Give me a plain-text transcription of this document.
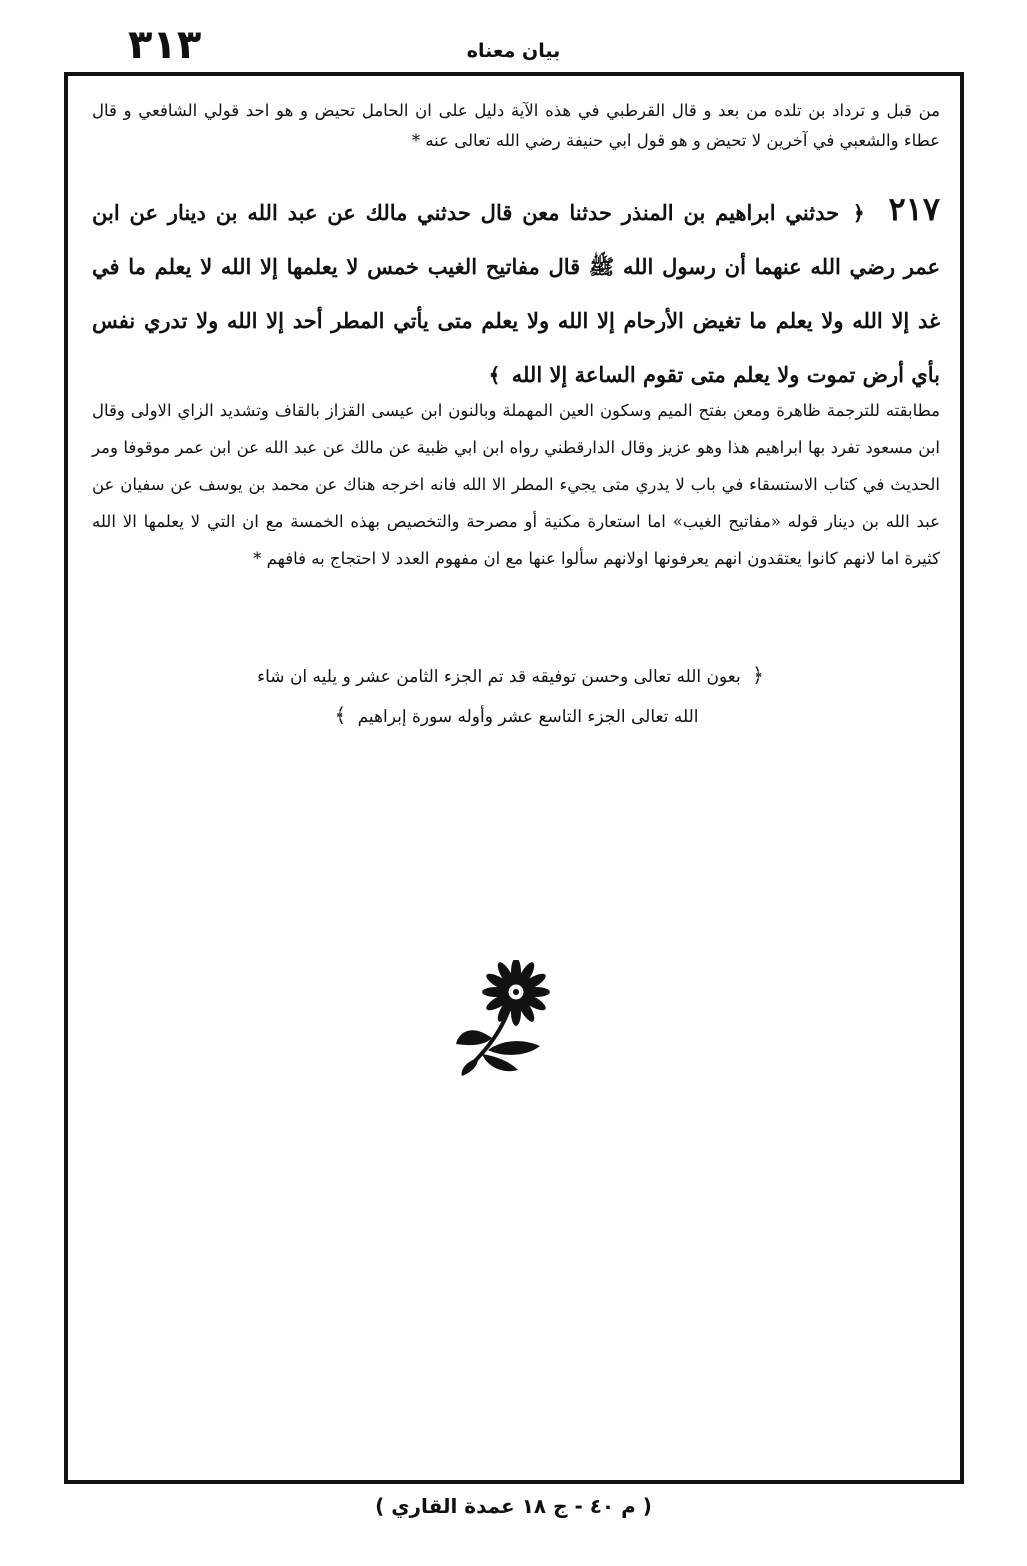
٣١٣	بيان معناه
من قبل و ترداد بن تلده من بعد و قال القرطبي في هذه الآية دليل على ان الحامل تحيض و هو احد قولي الشافعي و قال عطاء والشعبي في آخرين لا تحيض و هو قول ابي حنيفة رضي الله تعالى عنه *
٢١٧ ﴿ حدثني ابراهيم بن المنذر حدثنا معن قال حدثني مالك عن عبد الله بن دينار عن ابن عمر رضي الله عنهما أن رسول الله ﷺ قال مفاتيح الغيب خمس لا يعلمها إلا الله لا يعلم ما في غد إلا الله ولا يعلم ما تغيض الأرحام إلا الله ولا يعلم متى يأتي المطر أحد إلا الله ولا تدري نفس بأي أرض تموت ولا يعلم متى تقوم الساعة إلا الله ﴾
مطابقته للترجمة ظاهرة ومعن بفتح الميم وسكون العين المهملة وبالنون ابن عيسى القزاز بالقاف وتشديد الزاي الاولى وقال ابن مسعود تفرد بها ابراهيم هذا وهو عزيز وقال الدارقطني رواه ابن ابي ظبية عن مالك عن عبد الله عن ابن عمر موقوفا ومر الحديث في كتاب الاستسقاء في باب لا يدري متى يجيء المطر الا الله فانه اخرجه هناك عن محمد بن يوسف عن سفيان عن عبد الله بن دينار قوله «مفاتيح الغيب» اما استعارة مكنية أو مصرحة والتخصيص بهذه الخمسة مع ان التي لا يعلمها الا الله كثيرة اما لانهم كانوا يعتقدون انهم يعرفونها اولانهم سألوا عنها مع ان مفهوم العدد لا احتجاج به فافهم *
﴿ بعون الله تعالى وحسن توفيقه قد تم الجزء الثامن عشر و يليه ان شاء
الله تعالى الجزء التاسع عشر وأوله سورة إبراهيم ﴾
( م ٤٠ - ج ١٨ عمدة القاري )
